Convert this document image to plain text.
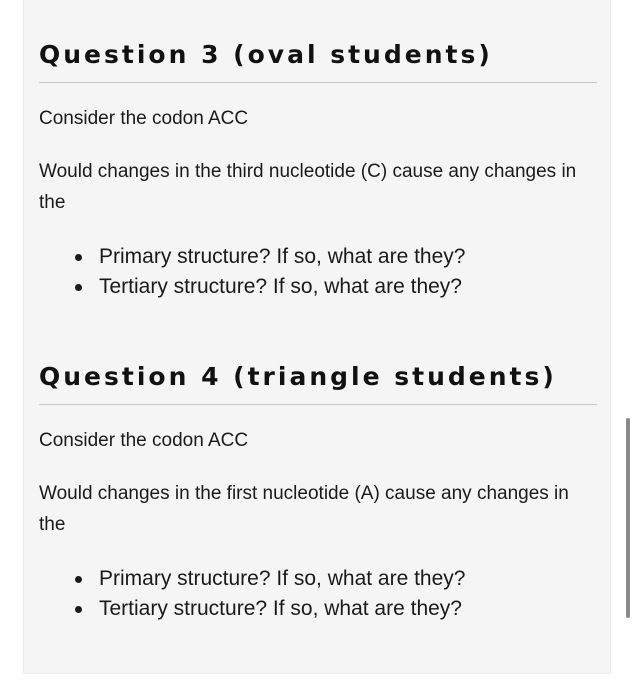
Question 3 (oval students)

Consider the codon ACC

Would changes in the third nucleotide (C) cause any changes in the

Primary structure? If so, what are they?
Tertiary structure? If so, what are they?
Question 4 (triangle students)

Consider the codon ACC

Would changes in the first nucleotide (A) cause any changes in the

Primary structure? If so, what are they?
Tertiary structure? If so, what are they?
